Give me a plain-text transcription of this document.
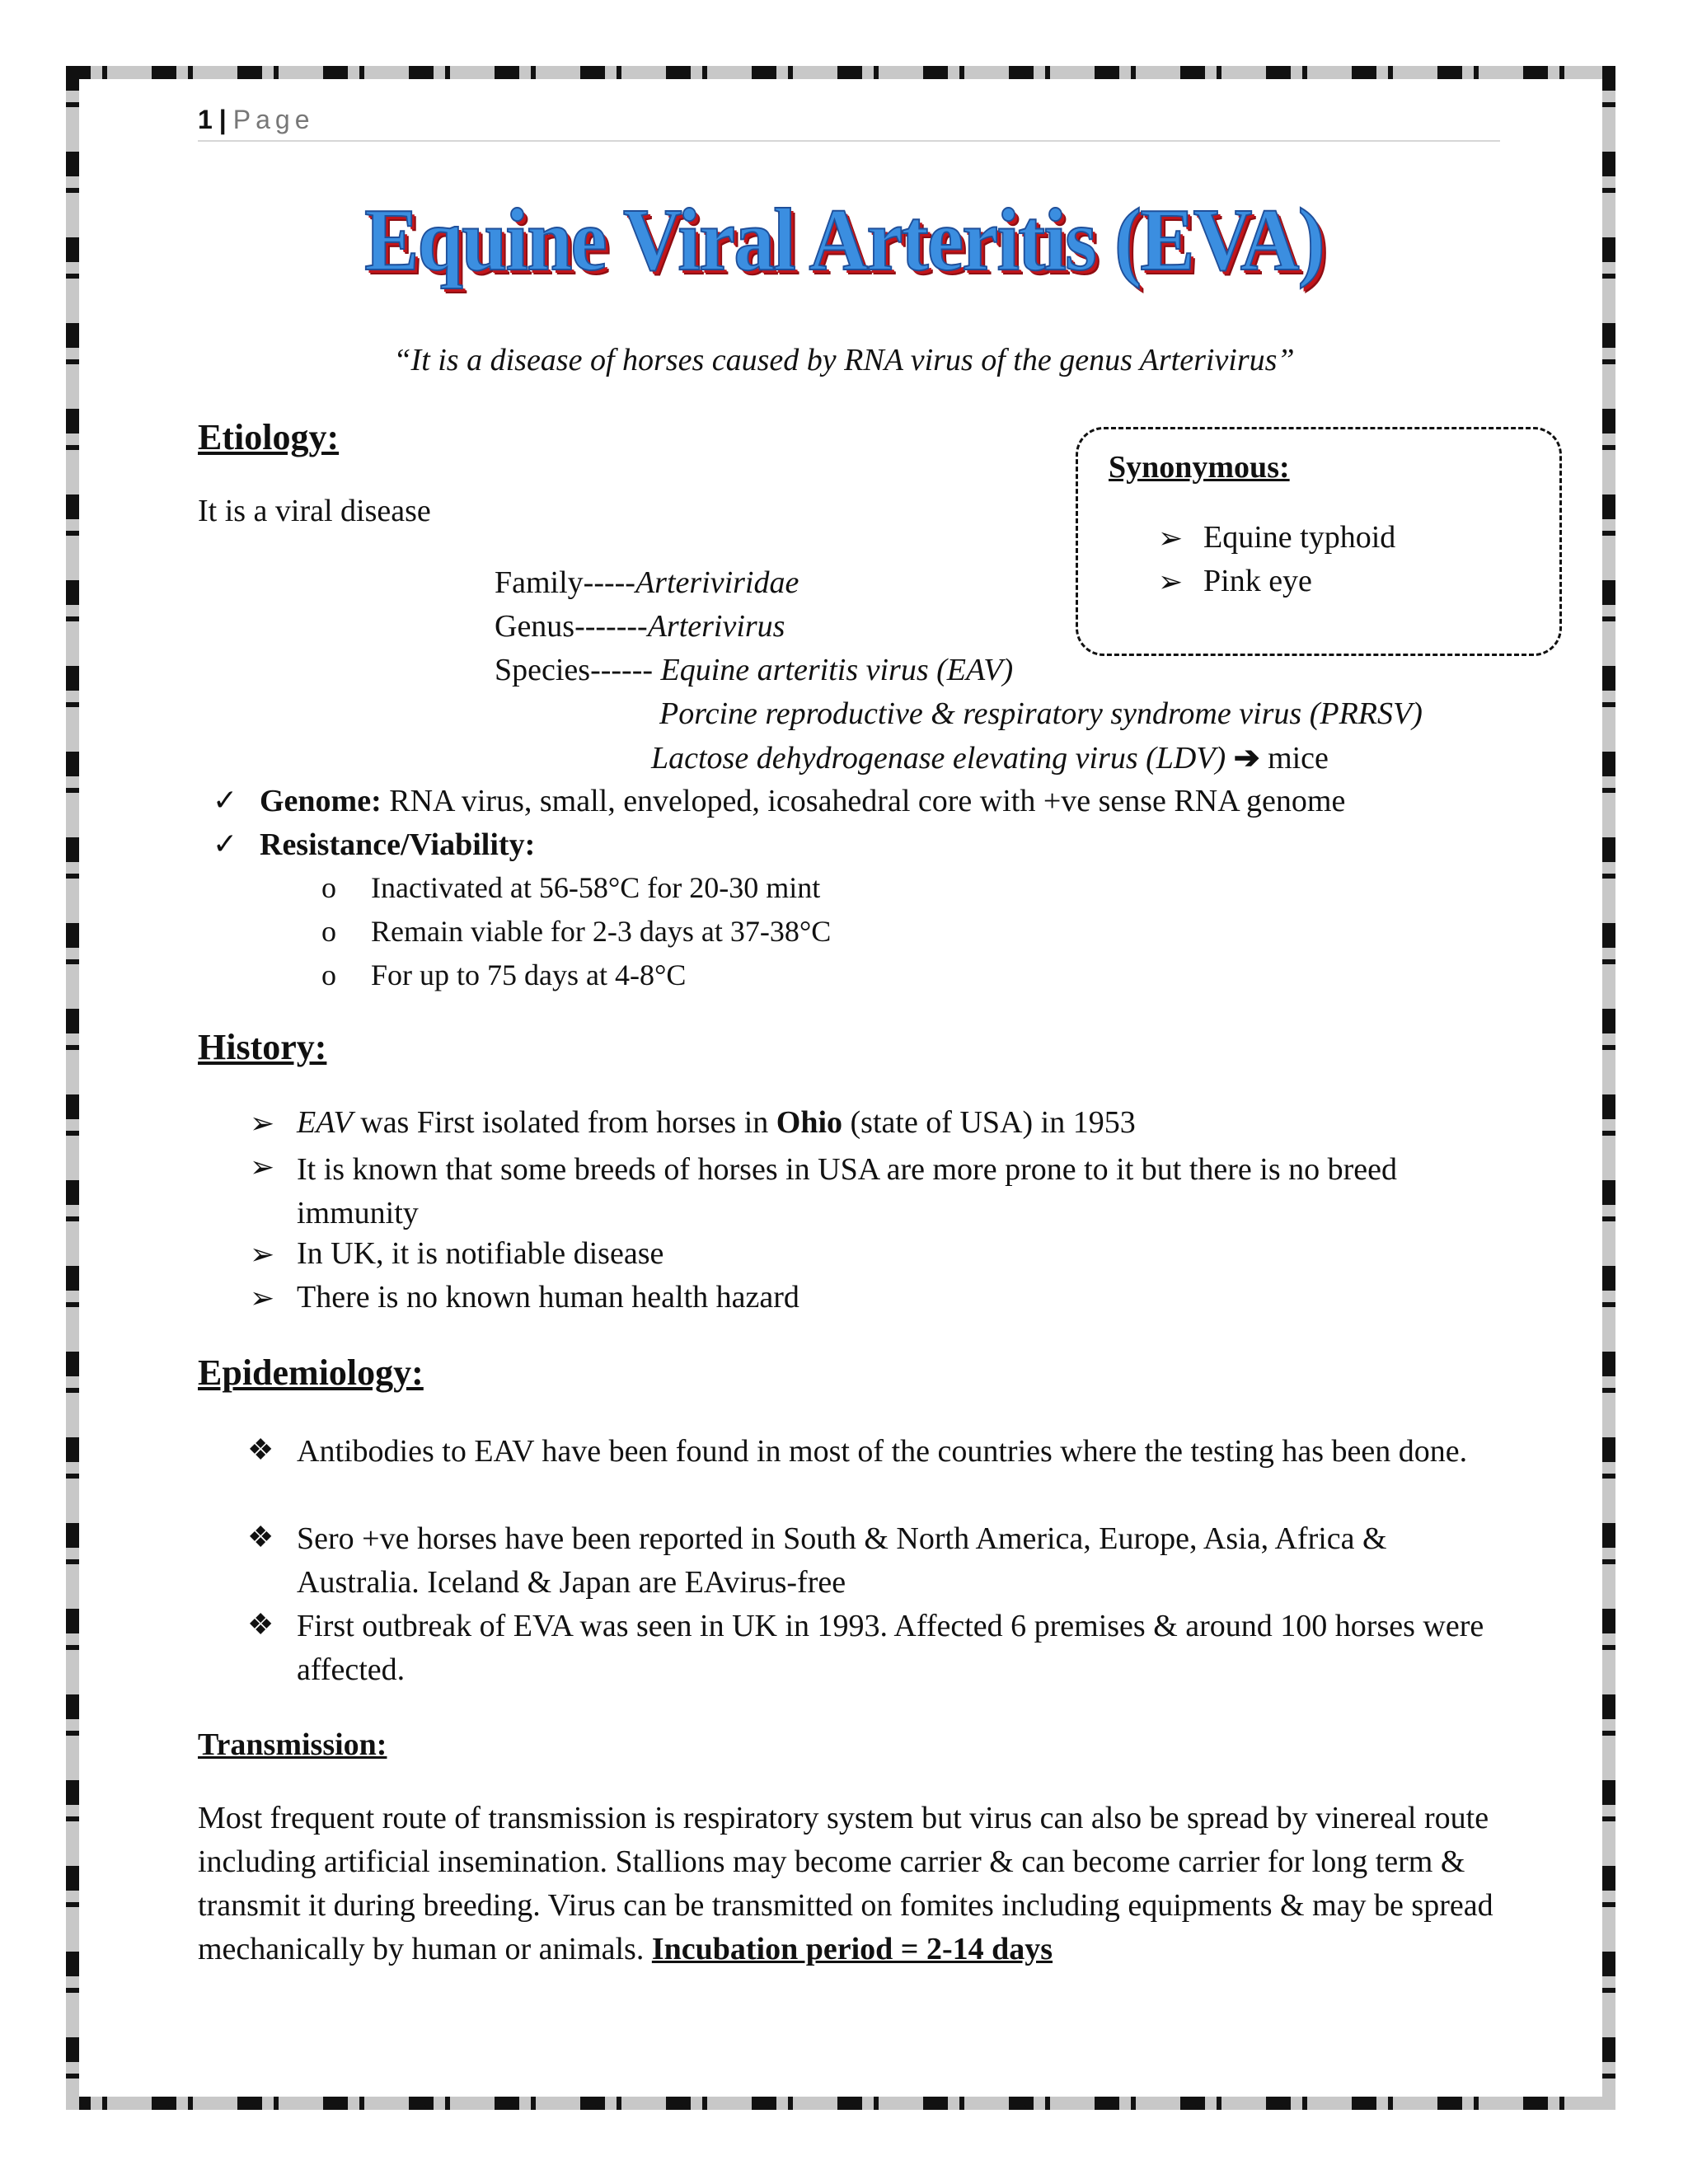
1 | Page
Equine Viral Arteritis (EVA)
“It is a disease of horses caused by RNA virus of the genus Arterivirus”
Etiology:
It is a viral disease
Family-----Arteriviridae
Genus-------Arterivirus
Species------ Equine arteritis virus (EAV)
Porcine reproductive & respiratory syndrome virus (PRRSV)
Lactose dehydrogenase elevating virus (LDV) ➔ mice
✓ Genome: RNA virus, small, enveloped, icosahedral core with +ve sense RNA genome
✓ Resistance/Viability:
o Inactivated at 56-58°C for 20-30 mint
o Remain viable for 2-3 days at 37-38°C
o For up to 75 days at 4-8°C
Synonymous:
➢
Equine typhoid
➢
Pink eye
History:
➢
EAV was First isolated from horses in Ohio (state of USA) in 1953
➢
It is known that some breeds of horses in USA are more prone to it but there is no breed immunity
➢
In UK, it is notifiable disease
➢
There is no known human health hazard
Epidemiology:
❖ Antibodies to EAV have been found in most of the countries where the testing has been done.
❖ Sero +ve horses have been reported in South & North America, Europe, Asia, Africa & Australia. Iceland & Japan are EAvirus-free
❖ First outbreak of EVA was seen in UK in 1993. Affected 6 premises & around 100 horses were affected.
Transmission:
Most frequent route of transmission is respiratory system but virus can also be spread by vinereal route including artificial insemination. Stallions may become carrier & can become carrier for long term & transmit it during breeding. Virus can be transmitted on fomites including equipments & may be spread mechanically by human or animals. Incubation period = 2-14 days
